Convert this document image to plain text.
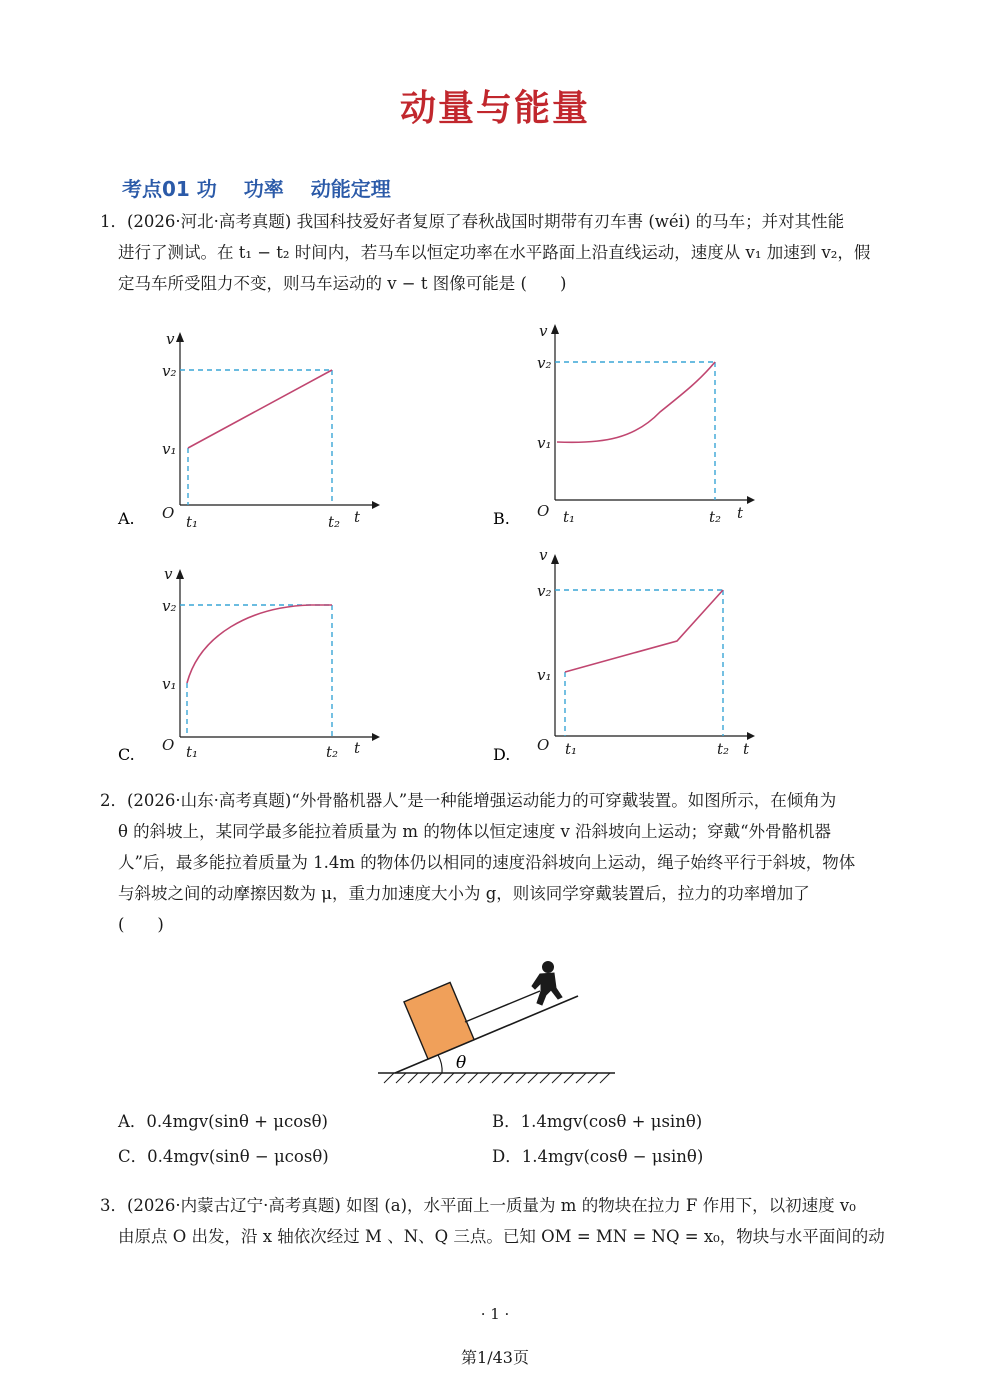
动量与能量
考点01 功　 功率　 动能定理
1．(2026·河北·高考真题) 我国科技爱好者复原了春秋战国时期带有刃车軎 (wéi) 的马车；并对其性能
进行了测试。在 t₁ − t₂ 时间内，若马车以恒定功率在水平路面上沿直线运动，速度从 v₁ 加速到 v₂，假
定马车所受阻力不变，则马车运动的 v − t 图像可能是 (　　)
A.
v
t
O t₁	t₂
v₁
v₂
B.
v
t
O t₁	t₂
v₁
v₂
C.
v
t
O t₁	t₂
v₁
v₂
D.
v
t
O t₁	t₂
v₁
v₂
2．(2026·山东·高考真题)“外骨骼机器人”是一种能增强运动能力的可穿戴装置。如图所示，在倾角为
θ 的斜坡上，某同学最多能拉着质量为 m 的物体以恒定速度 v 沿斜坡向上运动；穿戴“外骨骼机器
人”后，最多能拉着质量为 1.4m 的物体仍以相同的速度沿斜坡向上运动，绳子始终平行于斜坡，物体
与斜坡之间的动摩擦因数为 μ，重力加速度大小为 g，则该同学穿戴装置后，拉力的功率增加了
(　　)
θ
A．0.4mgv(sinθ + μcosθ)	B．1.4mgv(cosθ + μsinθ)
C．0.4mgv(sinθ − μcosθ)	D．1.4mgv(cosθ − μsinθ)
3．(2026·内蒙古辽宁·高考真题) 如图 (a)，水平面上一质量为 m 的物块在拉力 F 作用下，以初速度 v₀
由原点 O 出发，沿 x 轴依次经过 M 、N、Q 三点。已知 OM = MN = NQ = x₀，物块与水平面间的动
· 1 ·
第1/43页
